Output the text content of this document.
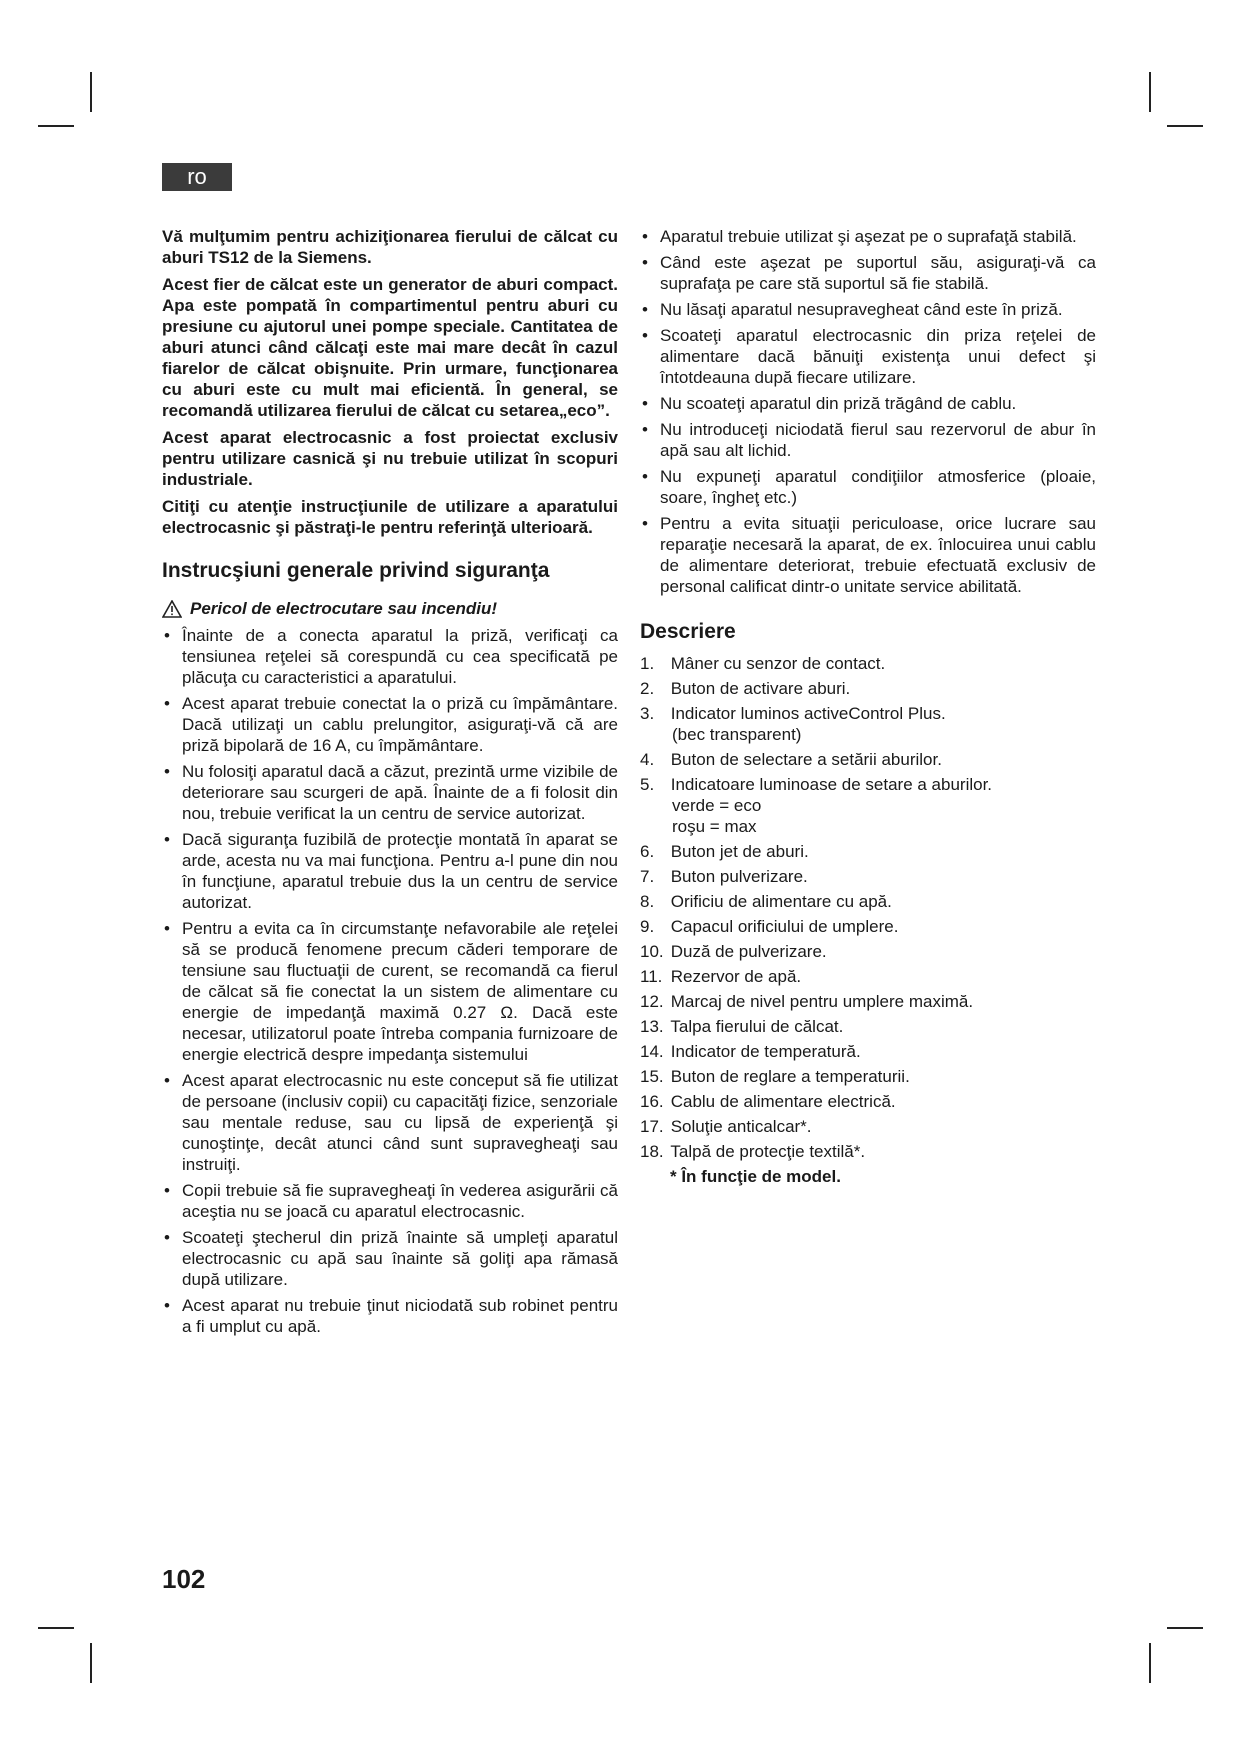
ro

Vă mulţumim pentru achiziţionarea fierului de călcat cu aburi TS12 de la Siemens.

Acest fier de călcat este un generator de aburi compact. Apa este pompată în compartimentul pentru aburi cu presiune cu ajutorul unei pompe speciale. Cantitatea de aburi atunci când călcaţi este mai mare decât în cazul fiarelor de călcat obişnuite. Prin urmare, funcţionarea cu aburi este cu mult mai eficientă. În general, se recomandă utilizarea fierului de călcat cu setarea„eco”.

Acest aparat electrocasnic a fost proiectat exclusiv pentru utilizare casnică şi nu trebuie utilizat în scopuri industriale.

Citiţi cu atenţie instrucţiunile de utilizare a aparatului electrocasnic şi păstraţi-le pentru referinţă ulterioară.

Instrucşiuni generale privind siguranţa
Pericol de electrocutare sau incendiu!
• Înainte de a conecta aparatul la priză, verificaţi ca tensiunea reţelei să corespundă cu cea specificată pe plăcuţa cu caracteristici a aparatului.
• Acest aparat trebuie conectat la o priză cu împământare. Dacă utilizaţi un cablu prelungitor, asiguraţi-vă că are priză bipolară de 16 A, cu împământare.
• Nu folosiţi aparatul dacă a căzut, prezintă urme vizibile de deteriorare sau scurgeri de apă. Înainte de a fi folosit din nou, trebuie verificat la un centru de service autorizat.
• Dacă siguranţa fuzibilă de protecţie montată în aparat se arde, acesta nu va mai funcţiona. Pentru a-l pune din nou în funcţiune, aparatul trebuie dus la un centru de service autorizat.
• Pentru a evita ca în circumstanţe nefavorabile ale reţelei să se producă fenomene precum căderi temporare de tensiune sau fluctuaţii de curent, se recomandă ca fierul de călcat să fie conectat la un sistem de alimentare cu energie de impedanţă maximă 0.27 Ω. Dacă este necesar, utilizatorul poate întreba compania furnizoare de energie electrică despre impedanţa sistemului
• Acest aparat electrocasnic nu este conceput să fie utilizat de persoane (inclusiv copii) cu capacităţi fizice, senzoriale sau mentale reduse, sau cu lipsă de experienţă şi cunoştinţe, decât atunci când sunt supravegheaţi sau instruiţi.
• Copii trebuie să fie supravegheaţi în vederea asigurării că aceştia nu se joacă cu aparatul electrocasnic.
• Scoateţi ştecherul din priză înainte să umpleţi aparatul electrocasnic cu apă sau înainte să goliţi apa rămasă după utilizare.
• Acest aparat nu trebuie ţinut niciodată sub robinet pentru a fi umplut cu apă.
• Aparatul trebuie utilizat şi aşezat pe o suprafaţă stabilă.
• Când este aşezat pe suportul său, asiguraţi-vă ca suprafaţa pe care stă suportul să fie stabilă.
• Nu lăsaţi aparatul nesupravegheat când este în priză.
• Scoateţi aparatul electrocasnic din priza reţelei de alimentare dacă bănuiţi existenţa unui defect şi întotdeauna după fiecare utilizare.
• Nu scoateţi aparatul din priză trăgând de cablu.
• Nu introduceţi niciodată fierul sau rezervorul de abur în apă sau alt lichid.
• Nu expuneţi aparatul condiţiilor atmosferice (ploaie, soare, îngheţ etc.)
• Pentru a evita situaţii periculoase, orice lucrare sau reparaţie necesară la aparat, de ex. înlocuirea unui cablu de alimentare deteriorat, trebuie efectuată exclusiv de personal calificat dintr-o unitate service abilitată.
Descriere
1. Mâner cu senzor de contact.
2. Buton de activare aburi.
3. Indicator luminos activeControl Plus.
(bec transparent)
4. Buton de selectare a setării aburilor.
5. Indicatoare luminoase de setare a aburilor.
verde = eco
roşu = max
6. Buton jet de aburi.
7. Buton pulverizare.
8. Orificiu de alimentare cu apă.
9. Capacul orificiului de umplere.
10. Duză de pulverizare.
11. Rezervor de apă.
12. Marcaj de nivel pentru umplere maximă.
13. Talpa fierului de călcat.
14. Indicator de temperatură.
15. Buton de reglare a temperaturii.
16. Cablu de alimentare electrică.
17. Soluţie anticalcar*.
18. Talpă de protecţie textilă*.
* În funcţie de model.
102
